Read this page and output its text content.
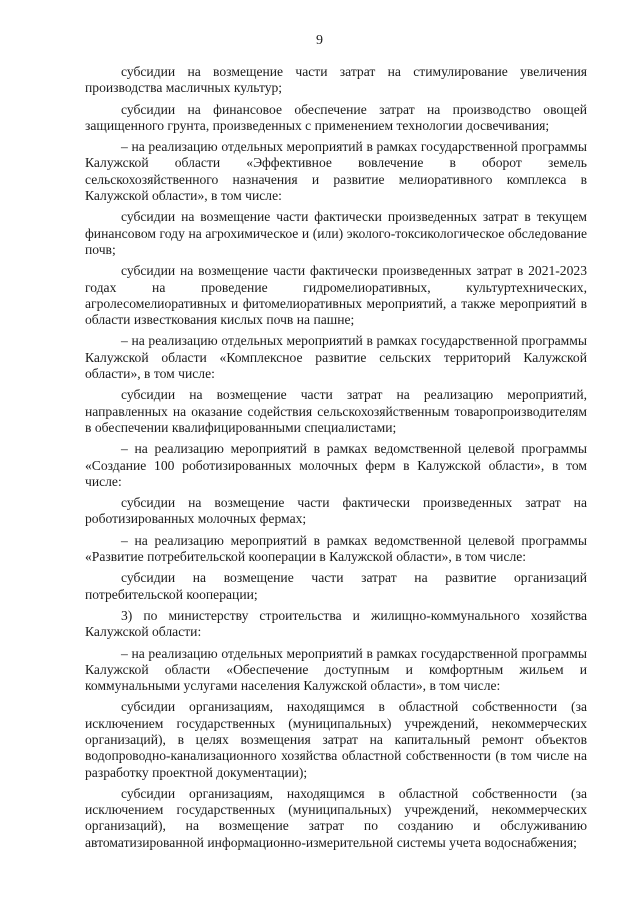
9

субсидии на возмещение части затрат на стимулирование увеличения производства масличных культур;

субсидии на финансовое обеспечение затрат на производство овощей защищенного грунта, произведенных с применением технологии досвечивания;

– на реализацию отдельных мероприятий в рамках государственной программы Калужской области «Эффективное вовлечение в оборот земель сельскохозяйственного назначения и развитие мелиоративного комплекса в Калужской области», в том числе:

субсидии на возмещение части фактически произведенных затрат в текущем финансовом году на агрохимическое и (или) эколого-токсикологическое обследование почв;

субсидии на возмещение части фактически произведенных затрат в 2021-2023 годах на проведение гидромелиоративных, культуртехнических, агролесомелиоративных и фитомелиоративных мероприятий, а также мероприятий в области известкования кислых почв на пашне;

– на реализацию отдельных мероприятий в рамках государственной программы Калужской области «Комплексное развитие сельских территорий Калужской области», в том числе:

субсидии на возмещение части затрат на реализацию мероприятий, направленных на оказание содействия сельскохозяйственным товаропроизводителям в обеспечении квалифицированными специалистами;

– на реализацию мероприятий в рамках ведомственной целевой программы «Создание 100 роботизированных молочных ферм в Калужской области», в том числе:

субсидии на возмещение части фактически произведенных затрат на роботизированных молочных фермах;

– на реализацию мероприятий в рамках ведомственной целевой программы «Развитие потребительской кооперации в Калужской области», в том числе:

субсидии на возмещение части затрат на развитие организаций потребительской кооперации;

3) по министерству строительства и жилищно-коммунального хозяйства Калужской области:

– на реализацию отдельных мероприятий в рамках государственной программы Калужской области «Обеспечение доступным и комфортным жильем и коммунальными услугами населения Калужской области», в том числе:

субсидии организациям, находящимся в областной собственности (за исключением государственных (муниципальных) учреждений, некоммерческих организаций), в целях возмещения затрат на капитальный ремонт объектов водопроводно-канализационного хозяйства областной собственности (в том числе на разработку проектной документации);

субсидии организациям, находящимся в областной собственности (за исключением государственных (муниципальных) учреждений, некоммерческих организаций), на возмещение затрат по созданию и обслуживанию автоматизированной информационно-измерительной системы учета водоснабжения;
